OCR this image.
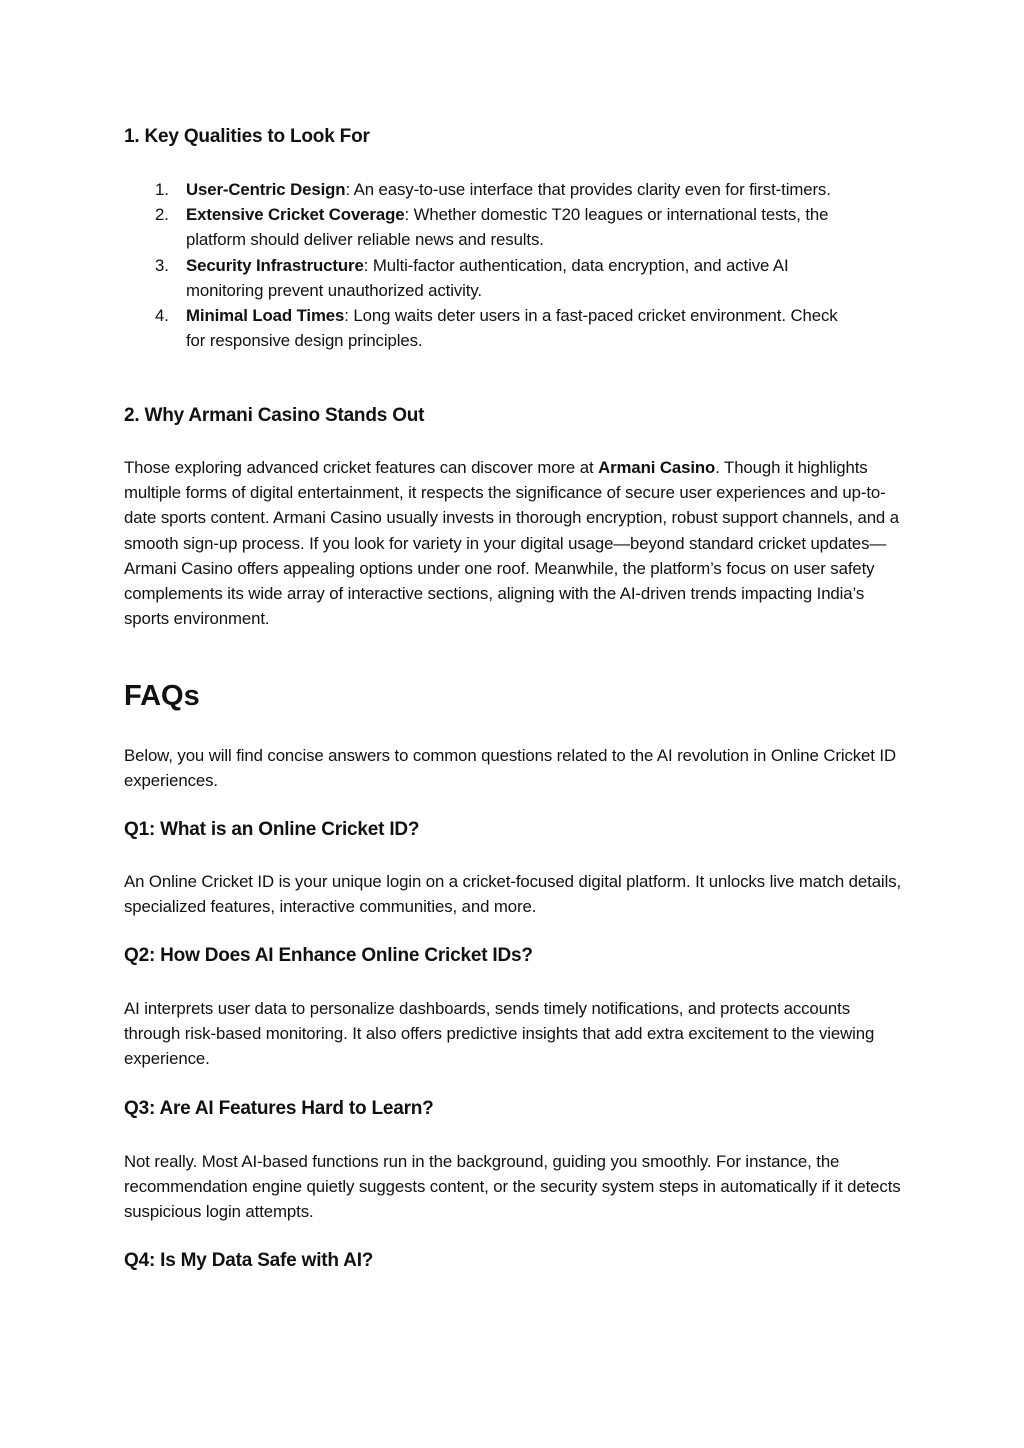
1. Key Qualities to Look For
1. User-Centric Design: An easy-to-use interface that provides clarity even for first-timers.
2. Extensive Cricket Coverage: Whether domestic T20 leagues or international tests, the platform should deliver reliable news and results.
3. Security Infrastructure: Multi-factor authentication, data encryption, and active AI monitoring prevent unauthorized activity.
4. Minimal Load Times: Long waits deter users in a fast-paced cricket environment. Check for responsive design principles.
2. Why Armani Casino Stands Out

Those exploring advanced cricket features can discover more at Armani Casino. Though it highlights multiple forms of digital entertainment, it respects the significance of secure user experiences and up-to-date sports content. Armani Casino usually invests in thorough encryption, robust support channels, and a smooth sign-up process. If you look for variety in your digital usage—beyond standard cricket updates—Armani Casino offers appealing options under one roof. Meanwhile, the platform’s focus on user safety complements its wide array of interactive sections, aligning with the AI-driven trends impacting India’s sports environment.

FAQs

Below, you will find concise answers to common questions related to the AI revolution in Online Cricket ID experiences.

Q1: What is an Online Cricket ID?

An Online Cricket ID is your unique login on a cricket-focused digital platform. It unlocks live match details, specialized features, interactive communities, and more.

Q2: How Does AI Enhance Online Cricket IDs?

AI interprets user data to personalize dashboards, sends timely notifications, and protects accounts through risk-based monitoring. It also offers predictive insights that add extra excitement to the viewing experience.

Q3: Are AI Features Hard to Learn?

Not really. Most AI-based functions run in the background, guiding you smoothly. For instance, the recommendation engine quietly suggests content, or the security system steps in automatically if it detects suspicious login attempts.

Q4: Is My Data Safe with AI?
